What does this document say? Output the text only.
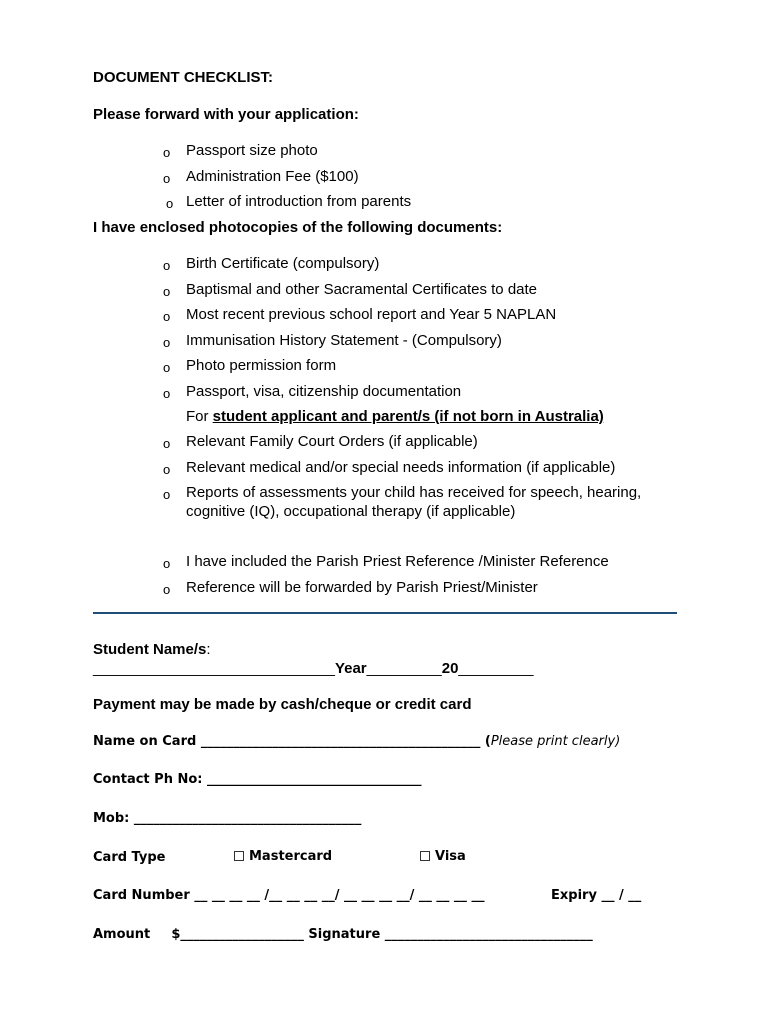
DOCUMENT CHECKLIST:
Please forward with your application:
o Passport size photo
o Administration Fee ($100)
o Letter of introduction from parents
I have enclosed photocopies of the following documents:
o Birth Certificate (compulsory)
o Baptismal and other Sacramental Certificates to date
o Most recent previous school report and Year 5 NAPLAN
o Immunisation History Statement - (Compulsory)
o Photo permission form
o Passport, visa, citizenship documentation
For student applicant and parent/s (if not born in Australia)
o Relevant Family Court Orders (if applicable)
o Relevant medical and/or special needs information (if applicable)
o Reports of assessments your child has received for speech, hearing,
cognitive (IQ), occupational therapy (if applicable)
o I have included the Parish Priest Reference /Minister Reference
o Reference will be forwarded by Parish Priest/Minister
Student Name/s:
_____________________________Year_________20_________
Payment may be made by cash/cheque or credit card
Name on Card ___________________________________________ (Please print clearly)
Contact Ph No: _________________________________
Mob: ___________________________________
Card Type	Mastercard	Visa
Card Number __ __ __ __ /__ __ __ __/ __ __ __ __/ __ __ __ __	Expiry __ / __
Amount $___________________ Signature ________________________________
